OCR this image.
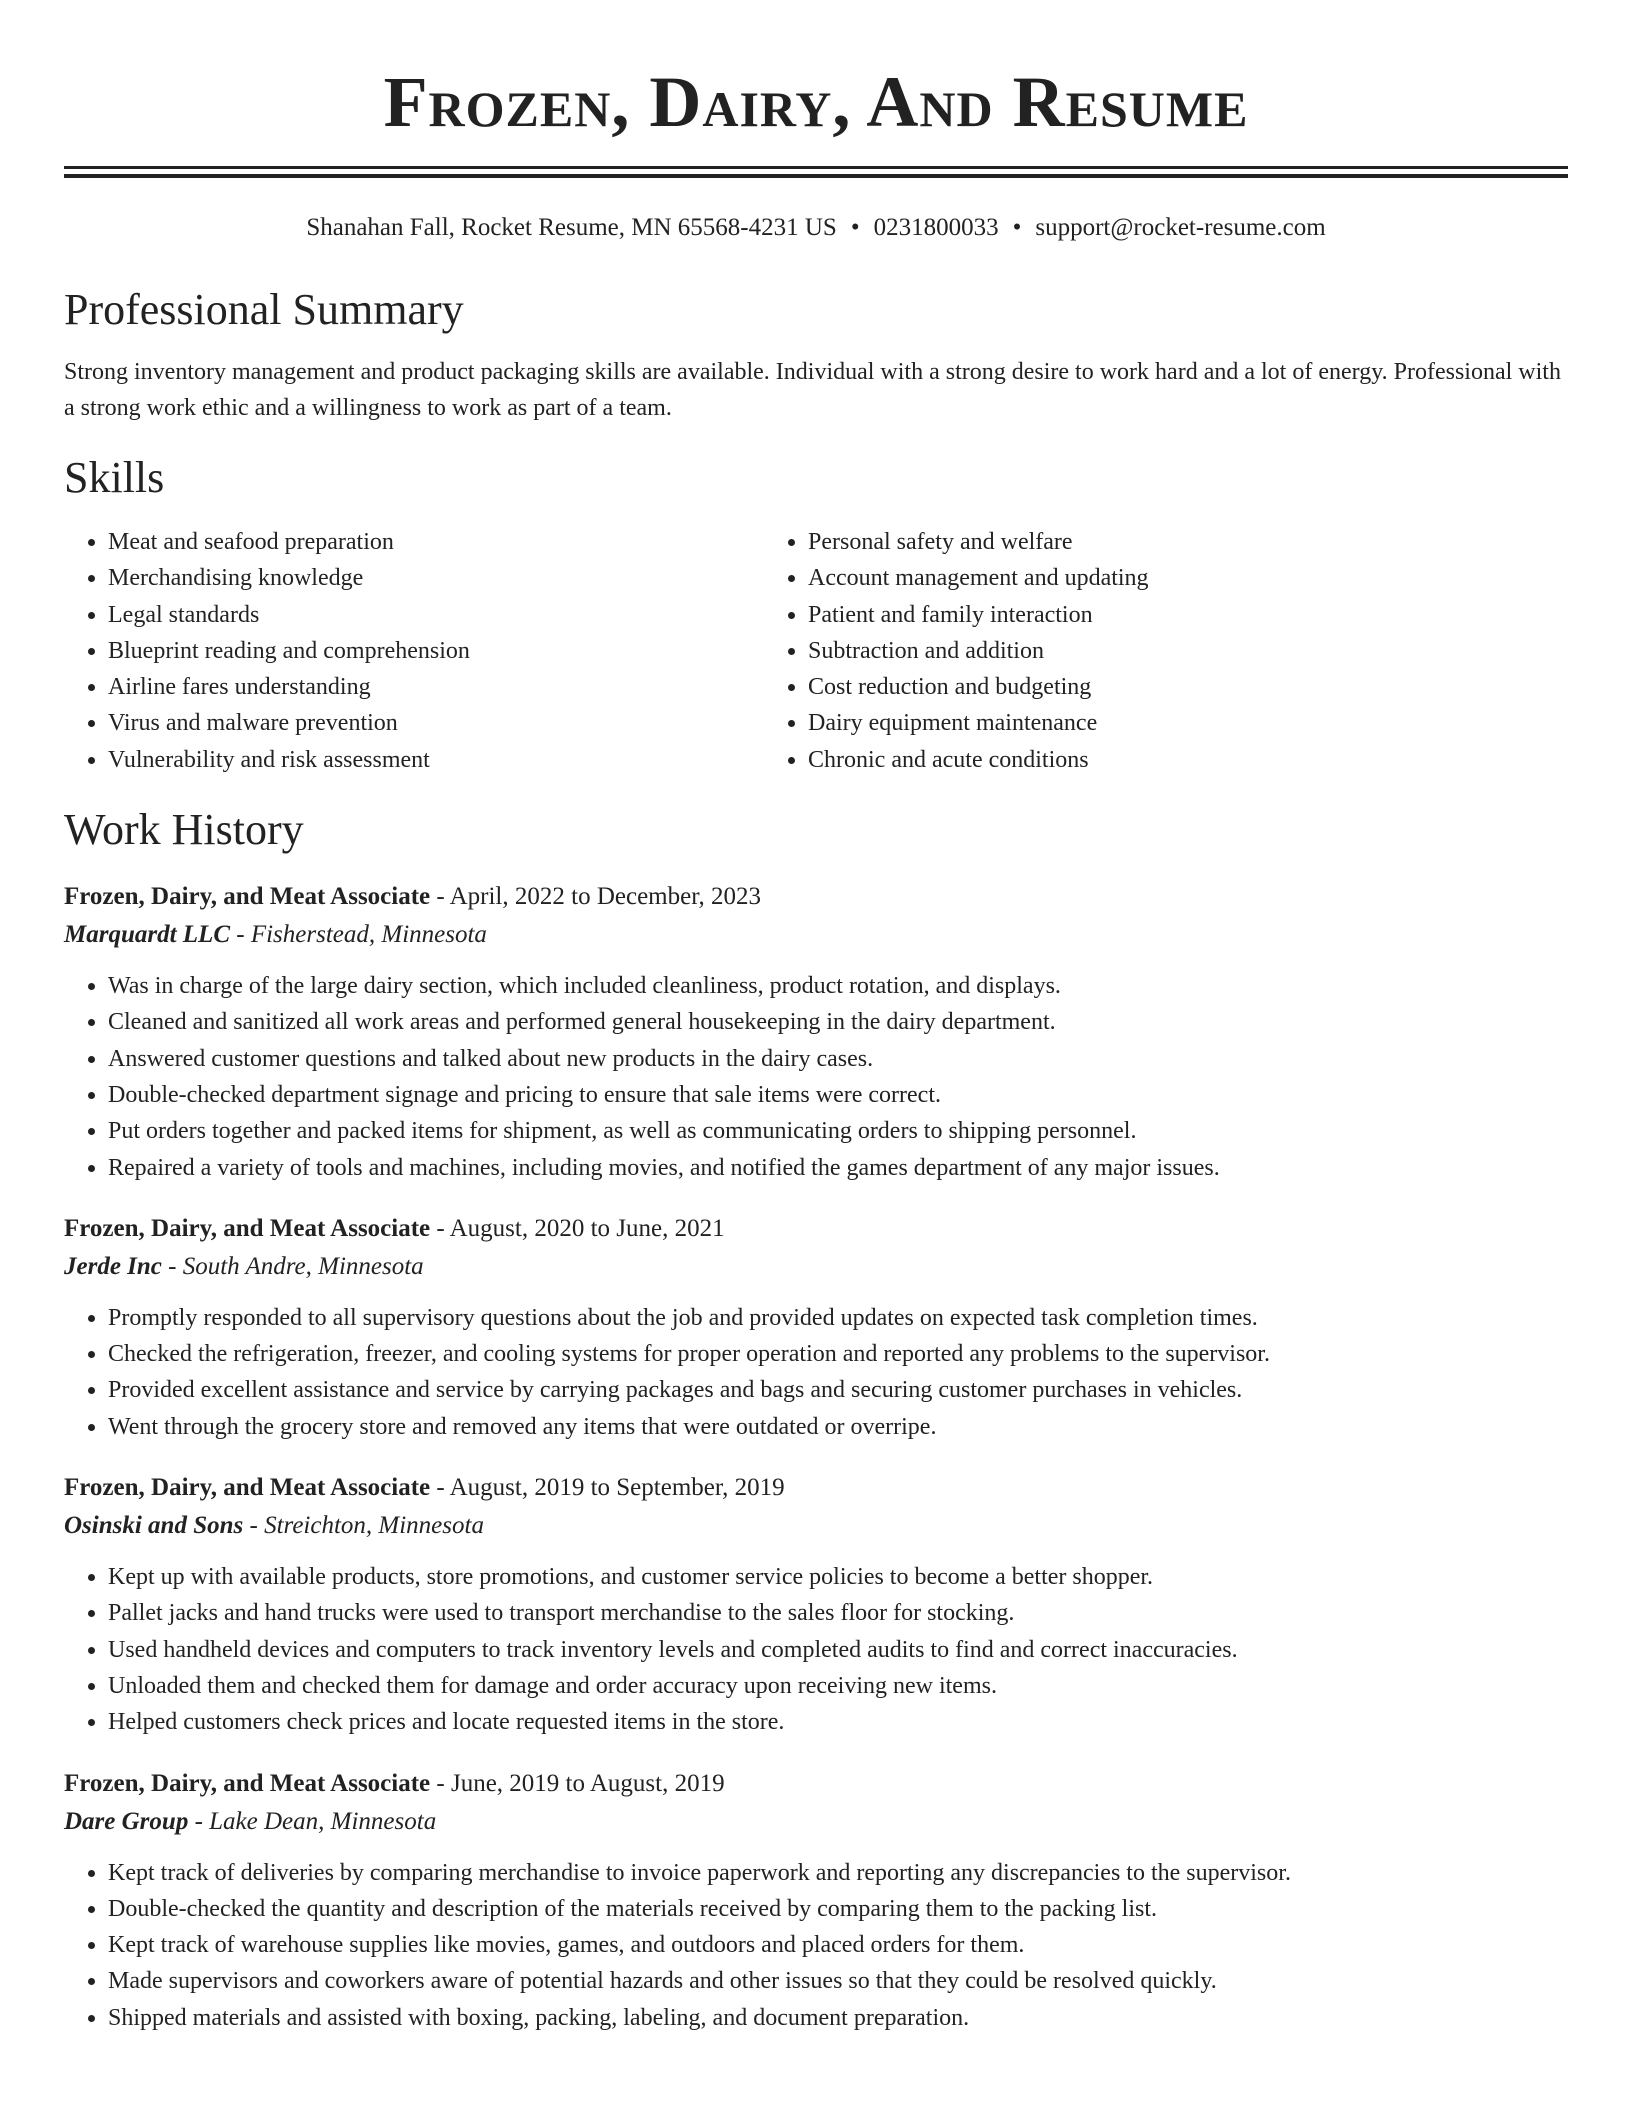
Frozen, Dairy, And Resume
Shanahan Fall, Rocket Resume, MN 65568-4231 US • 0231800033 • support@rocket-resume.com
Professional Summary

Strong inventory management and product packaging skills are available. Individual with a strong desire to work hard and a lot of energy. Professional with a strong work ethic and a willingness to work as part of a team.

Skills
• Meat and seafood preparation
• Merchandising knowledge
• Legal standards
• Blueprint reading and comprehension
• Airline fares understanding
• Virus and malware prevention
• Vulnerability and risk assessment
• Personal safety and welfare
• Account management and updating
• Patient and family interaction
• Subtraction and addition
• Cost reduction and budgeting
• Dairy equipment maintenance
• Chronic and acute conditions
Work History
Frozen, Dairy, and Meat Associate - April, 2022 to December, 2023
Marquardt LLC - Fisherstead, Minnesota
• Was in charge of the large dairy section, which included cleanliness, product rotation, and displays.
• Cleaned and sanitized all work areas and performed general housekeeping in the dairy department.
• Answered customer questions and talked about new products in the dairy cases.
• Double-checked department signage and pricing to ensure that sale items were correct.
• Put orders together and packed items for shipment, as well as communicating orders to shipping personnel.
• Repaired a variety of tools and machines, including movies, and notified the games department of any major issues.
Frozen, Dairy, and Meat Associate - August, 2020 to June, 2021
Jerde Inc - South Andre, Minnesota
• Promptly responded to all supervisory questions about the job and provided updates on expected task completion times.
• Checked the refrigeration, freezer, and cooling systems for proper operation and reported any problems to the supervisor.
• Provided excellent assistance and service by carrying packages and bags and securing customer purchases in vehicles.
• Went through the grocery store and removed any items that were outdated or overripe.
Frozen, Dairy, and Meat Associate - August, 2019 to September, 2019
Osinski and Sons - Streichton, Minnesota
• Kept up with available products, store promotions, and customer service policies to become a better shopper.
• Pallet jacks and hand trucks were used to transport merchandise to the sales floor for stocking.
• Used handheld devices and computers to track inventory levels and completed audits to find and correct inaccuracies.
• Unloaded them and checked them for damage and order accuracy upon receiving new items.
• Helped customers check prices and locate requested items in the store.
Frozen, Dairy, and Meat Associate - June, 2019 to August, 2019
Dare Group - Lake Dean, Minnesota
• Kept track of deliveries by comparing merchandise to invoice paperwork and reporting any discrepancies to the supervisor.
• Double-checked the quantity and description of the materials received by comparing them to the packing list.
• Kept track of warehouse supplies like movies, games, and outdoors and placed orders for them.
• Made supervisors and coworkers aware of potential hazards and other issues so that they could be resolved quickly.
• Shipped materials and assisted with boxing, packing, labeling, and document preparation.
